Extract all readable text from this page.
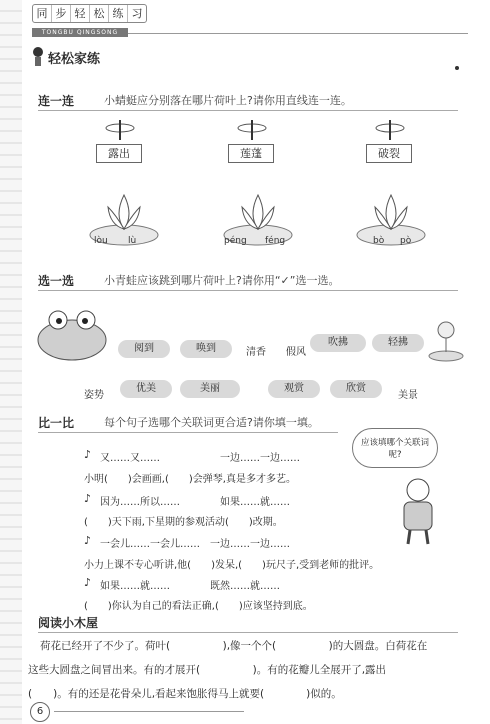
同 步 轻 松 练 习
TONGBU QINGSONG LIANXI
轻松家练
连一连	小蜻蜓应分别落在哪片荷叶上?请你用直线连一连。
露出	莲蓬	破裂
lòu lù	péng féng	bò pò
选一选	小青蛙应该跳到哪片荷叶上?请你用“✓”选一选。
阅到	唤到	清香 假风
吹拂	轻拂
姿势
优美	美丽	观赏	欣赏
美景
比一比	每个句子选哪个关联词更合适?请你填一填。
应该填哪个关联词呢?
♪ 又……又……　　　　　　一边……一边……
小明(　　)会画画,(　　)会弹琴,真是多才多艺。
♪ 因为……所以……　　　　如果……就……
(　　)天下雨,下星期的参观活动(　　)改期。
♪ 一会儿……一会儿……　一边……一边……
小力上课不专心听讲,他(　　)发呆,(　　)玩尺子,受到老师的批评。
♪ 如果……就……　　　　既然……就……
(　　)你认为自己的看法正确,(　　)应该坚持到底。
阅读小木屋
荷花已经开了不少了。荷叶(　　　　　),像一个个(　　　　　)的大圆盘。白荷花在
这些大圆盘之间冒出来。有的才展开(　　　　　)。有的花瓣儿全展开了,露出
(　　)。有的还是花骨朵儿,看起来饱胀得马上就要(　　　　)似的。
6
